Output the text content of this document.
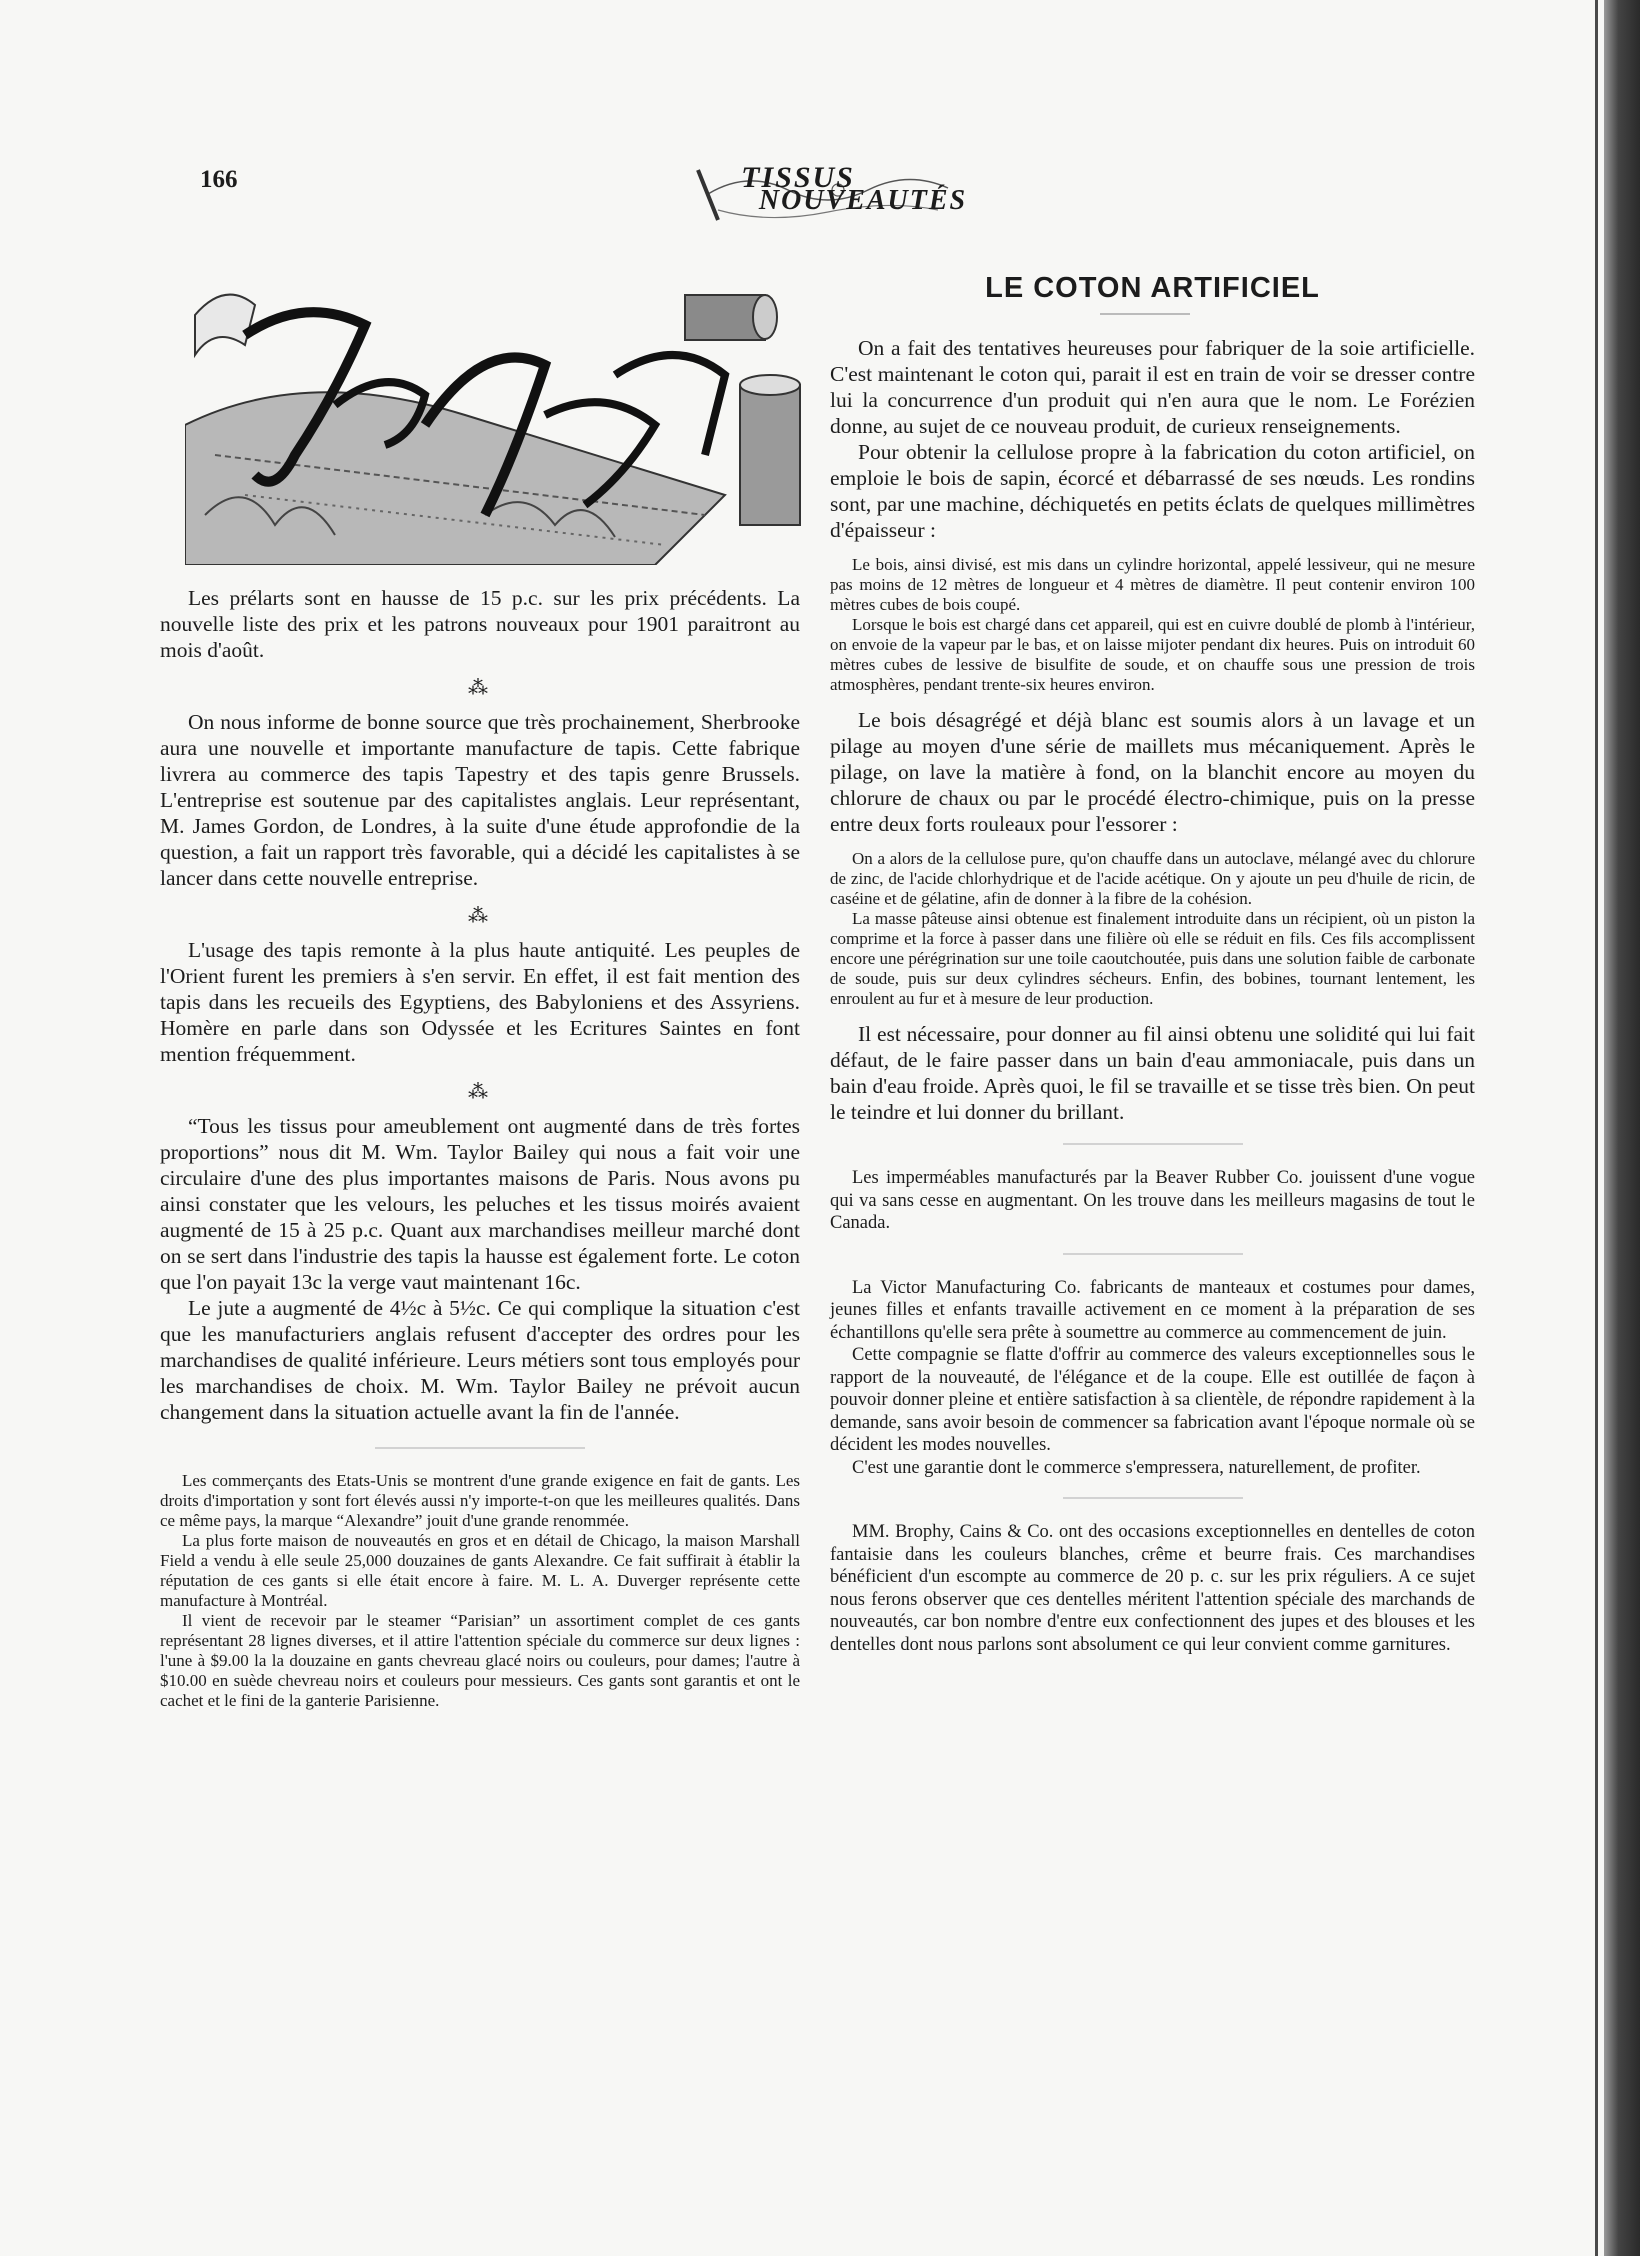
166	TISSUS
NOUVEAUTÉS

Les prélarts sont en hausse de 15 p.c. sur les prix précédents. La nouvelle liste des prix et les patrons nouveaux pour 1901 paraitront au mois d'août.

⁂

On nous informe de bonne source que très prochainement, Sherbrooke aura une nouvelle et importante manufacture de tapis. Cette fabrique livrera au commerce des tapis Tapestry et des tapis genre Brussels. L'entreprise est soutenue par des capitalistes anglais. Leur représentant, M. James Gordon, de Londres, à la suite d'une étude approfondie de la question, a fait un rapport très favorable, qui a décidé les capitalistes à se lancer dans cette nouvelle entreprise.

⁂

L'usage des tapis remonte à la plus haute antiquité. Les peuples de l'Orient furent les premiers à s'en servir. En effet, il est fait mention des tapis dans les recueils des Egyptiens, des Babyloniens et des Assyriens. Homère en parle dans son Odyssée et les Ecritures Saintes en font mention fréquemment.

⁂

“Tous les tissus pour ameublement ont augmenté dans de très fortes proportions” nous dit M. Wm. Taylor Bailey qui nous a fait voir une circulaire d'une des plus importantes maisons de Paris. Nous avons pu ainsi constater que les velours, les peluches et les tissus moirés avaient augmenté de 15 à 25 p.c. Quant aux marchandises meilleur marché dont on se sert dans l'industrie des tapis la hausse est également forte. Le coton que l'on payait 13c la verge vaut maintenant 16c.

Le jute a augmenté de 4½c à 5½c. Ce qui complique la situation c'est que les manufacturiers anglais refusent d'accepter des ordres pour les marchandises de qualité inférieure. Leurs métiers sont tous employés pour les marchandises de choix. M. Wm. Taylor Bailey ne prévoit aucun changement dans la situation actuelle avant la fin de l'année.

Les commerçants des Etats-Unis se montrent d'une grande exigence en fait de gants. Les droits d'importation y sont fort élevés aussi n'y importe-t-on que les meilleures qualités. Dans ce même pays, la marque “Alexandre” jouit d'une grande renommée.

La plus forte maison de nouveautés en gros et en détail de Chicago, la maison Marshall Field a vendu à elle seule 25,000 douzaines de gants Alexandre. Ce fait suffirait à établir la réputation de ces gants si elle était encore à faire. M. L. A. Duverger représente cette manufacture à Montréal.

Il vient de recevoir par le steamer “Parisian” un assortiment complet de ces gants représentant 28 lignes diverses, et il attire l'attention spéciale du commerce sur deux lignes : l'une à $9.00 la la douzaine en gants chevreau glacé noirs ou couleurs, pour dames; l'autre à $10.00 en suède chevreau noirs et couleurs pour messieurs. Ces gants sont garantis et ont le cachet et le fini de la ganterie Parisienne.

LE COTON ARTIFICIEL

On a fait des tentatives heureuses pour fabriquer de la soie artificielle. C'est maintenant le coton qui, parait il est en train de voir se dresser contre lui la concurrence d'un produit qui n'en aura que le nom. Le Forézien donne, au sujet de ce nouveau produit, de curieux renseignements.

Pour obtenir la cellulose propre à la fabrication du coton artificiel, on emploie le bois de sapin, écorcé et débarrassé de ses nœuds. Les rondins sont, par une machine, déchiquetés en petits éclats de quelques millimètres d'épaisseur :

Le bois, ainsi divisé, est mis dans un cylindre horizontal, appelé lessiveur, qui ne mesure pas moins de 12 mètres de longueur et 4 mètres de diamètre. Il peut contenir environ 100 mètres cubes de bois coupé.

Lorsque le bois est chargé dans cet appareil, qui est en cuivre doublé de plomb à l'intérieur, on envoie de la vapeur par le bas, et on laisse mijoter pendant dix heures. Puis on introduit 60 mètres cubes de lessive de bisulfite de soude, et on chauffe sous une pression de trois atmosphères, pendant trente-six heures environ.

Le bois désagrégé et déjà blanc est soumis alors à un lavage et un pilage au moyen d'une série de maillets mus mécaniquement. Après le pilage, on lave la matière à fond, on la blanchit encore au moyen du chlorure de chaux ou par le procédé électro-chimique, puis on la presse entre deux forts rouleaux pour l'essorer :

On a alors de la cellulose pure, qu'on chauffe dans un autoclave, mélangé avec du chlorure de zinc, de l'acide chlorhydrique et de l'acide acétique. On y ajoute un peu d'huile de ricin, de caséine et de gélatine, afin de donner à la fibre de la cohésion.

La masse pâteuse ainsi obtenue est finalement introduite dans un récipient, où un piston la comprime et la force à passer dans une filière où elle se réduit en fils. Ces fils accomplissent encore une pérégrination sur une toile caoutchoutée, puis dans une solution faible de carbonate de soude, puis sur deux cylindres sécheurs. Enfin, des bobines, tournant lentement, les enroulent au fur et à mesure de leur production.

Il est nécessaire, pour donner au fil ainsi obtenu une solidité qui lui fait défaut, de le faire passer dans un bain d'eau ammoniacale, puis dans un bain d'eau froide. Après quoi, le fil se travaille et se tisse très bien. On peut le teindre et lui donner du brillant.

Les imperméables manufacturés par la Beaver Rubber Co. jouissent d'une vogue qui va sans cesse en augmentant. On les trouve dans les meilleurs magasins de tout le Canada.

La Victor Manufacturing Co. fabricants de manteaux et costumes pour dames, jeunes filles et enfants travaille activement en ce moment à la préparation de ses échantillons qu'elle sera prête à soumettre au commerce au commencement de juin.

Cette compagnie se flatte d'offrir au commerce des valeurs exceptionnelles sous le rapport de la nouveauté, de l'élégance et de la coupe. Elle est outillée de façon à pouvoir donner pleine et entière satisfaction à sa clientèle, de répondre rapidement à la demande, sans avoir besoin de commencer sa fabrication avant l'époque normale où se décident les modes nouvelles.

C'est une garantie dont le commerce s'empressera, naturellement, de profiter.

MM. Brophy, Cains & Co. ont des occasions exceptionnelles en dentelles de coton fantaisie dans les couleurs blanches, crême et beurre frais. Ces marchandises bénéficient d'un escompte au commerce de 20 p. c. sur les prix réguliers. A ce sujet nous ferons observer que ces dentelles méritent l'attention spéciale des marchands de nouveautés, car bon nombre d'entre eux confectionnent des jupes et des blouses et les dentelles dont nous parlons sont absolument ce qui leur convient comme garnitures.
